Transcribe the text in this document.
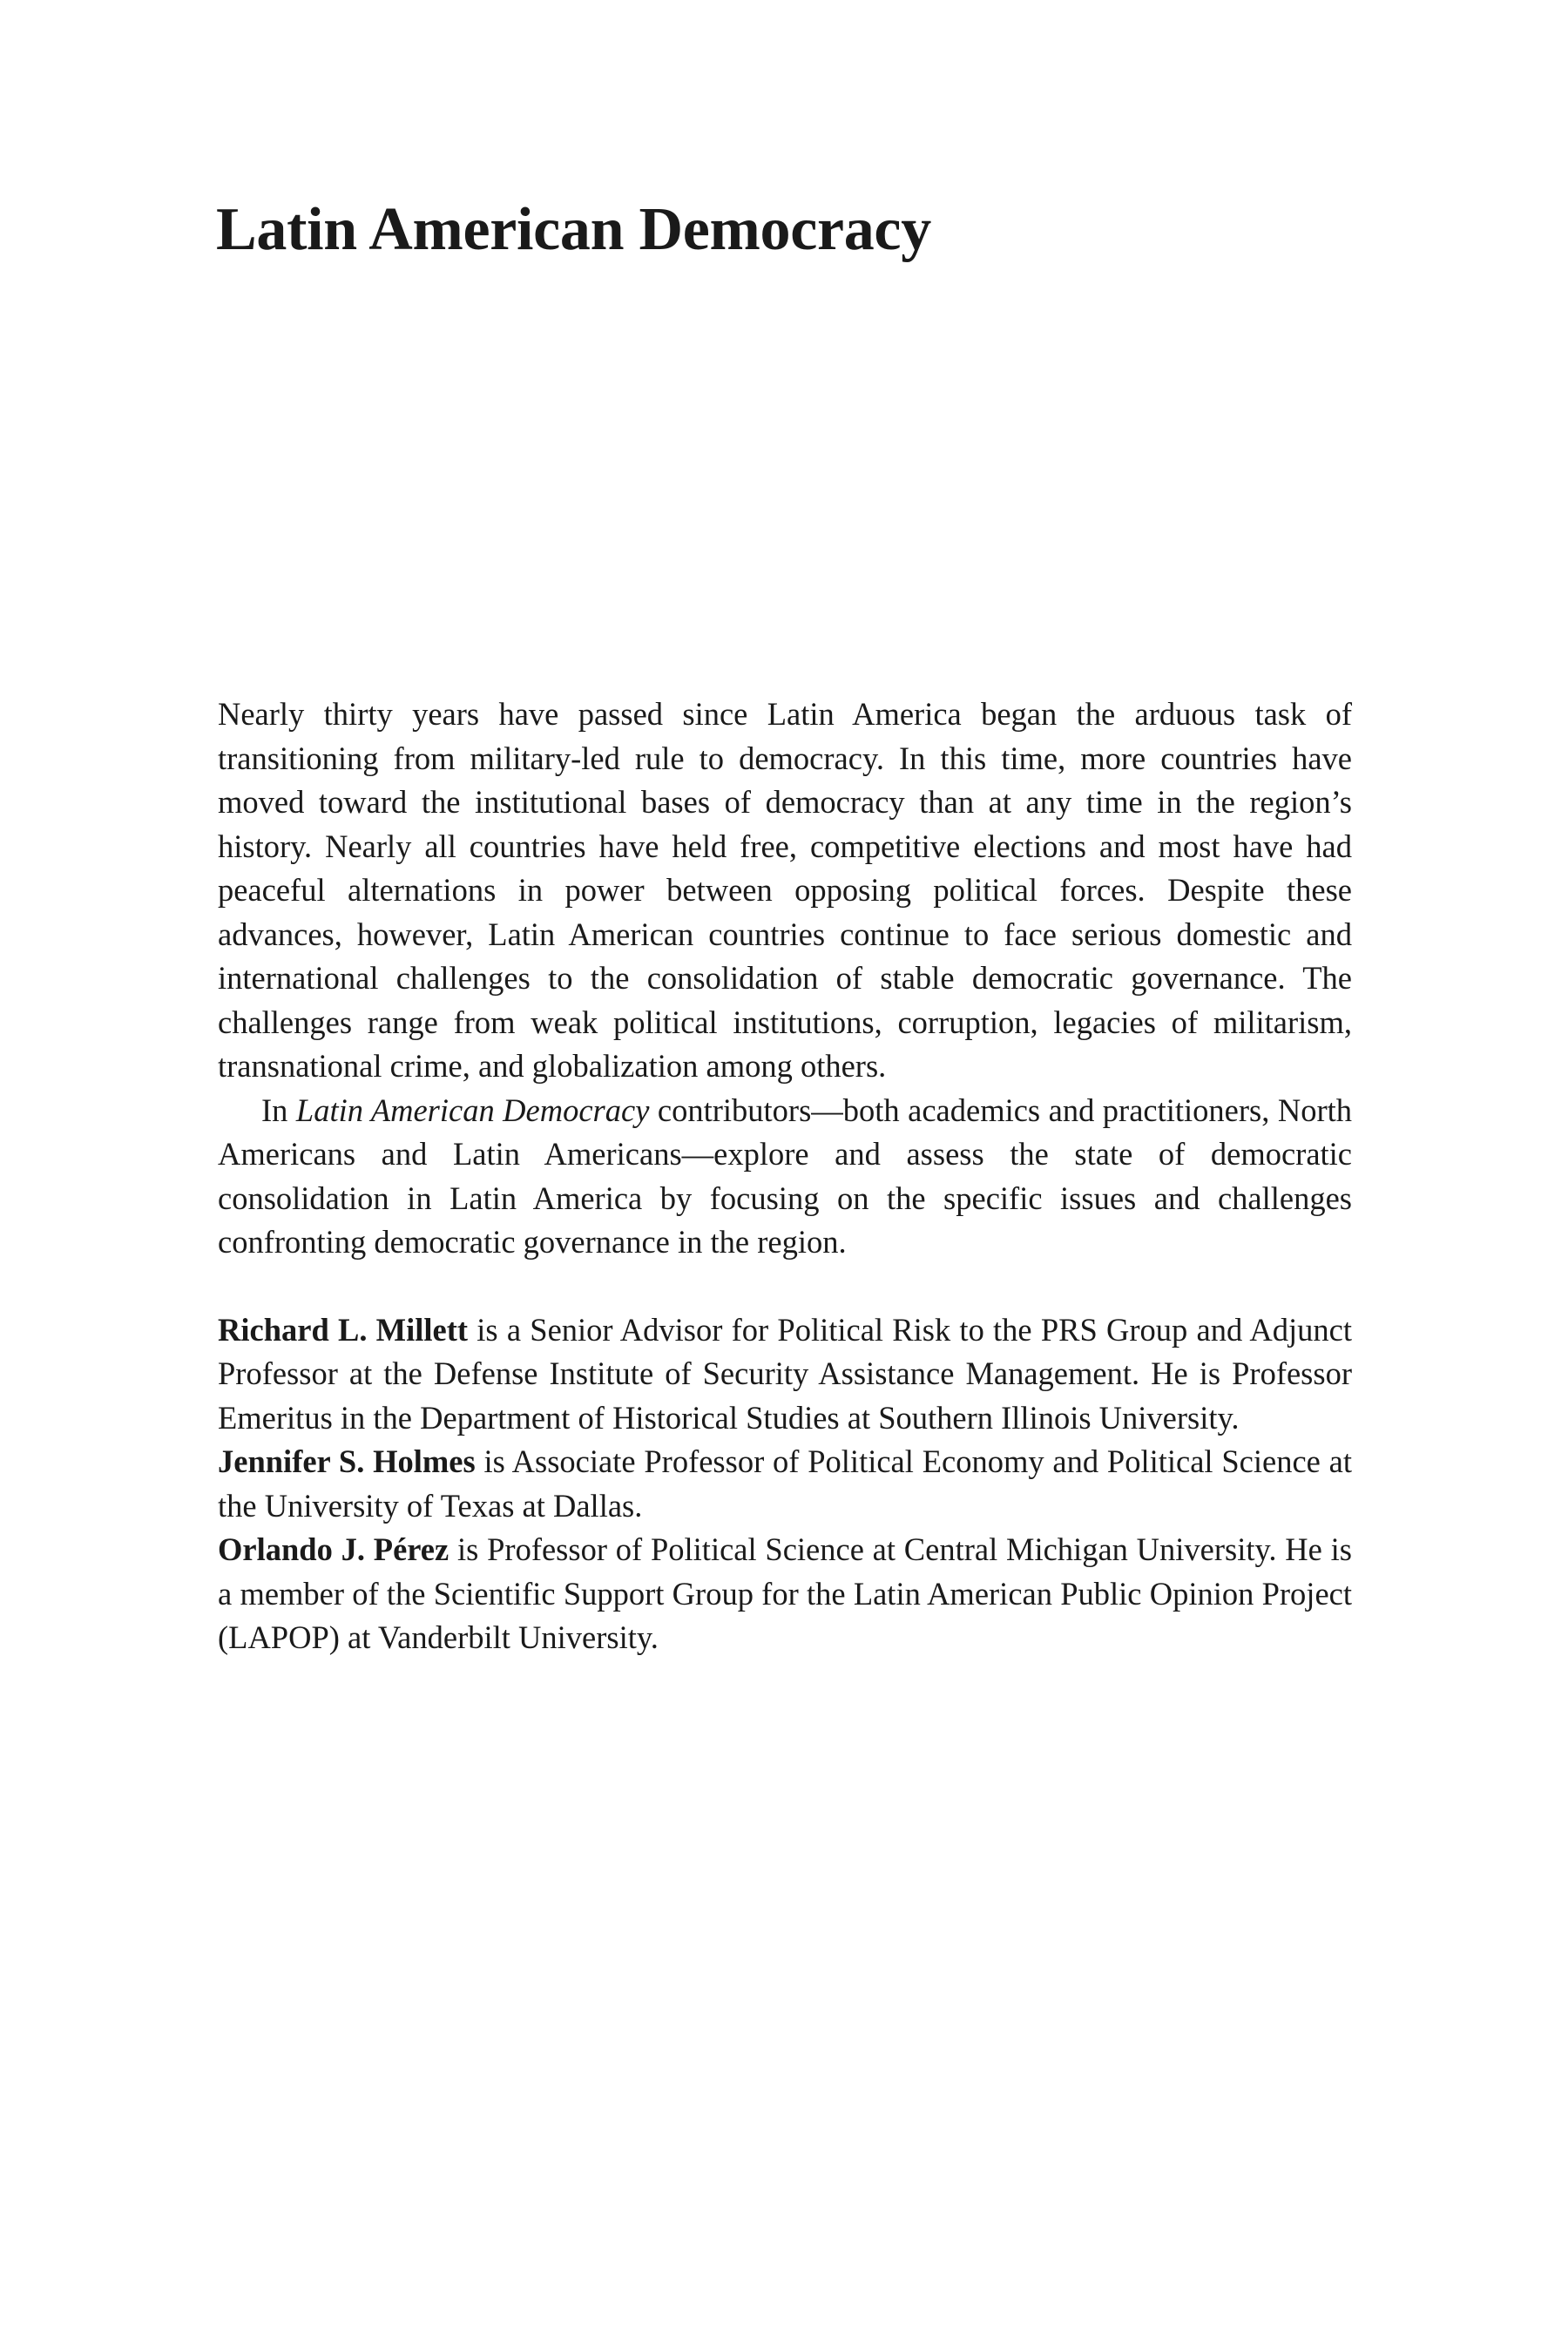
Latin American Democracy

Nearly thirty years have passed since Latin America began the arduous task of transitioning from military-led rule to democracy. In this time, more countries have moved toward the institutional bases of democracy than at any time in the region’s history. Nearly all countries have held free, competitive elections and most have had peaceful alternations in power between opposing political forces. Despite these advances, however, Latin American countries continue to face serious domestic and international challenges to the consolidation of stable democratic governance. The challenges range from weak political institutions, corruption, legacies of militarism, transnational crime, and globalization among others.

In Latin American Democracy contributors—both academics and practitioners, North Americans and Latin Americans—explore and assess the state of democratic consolidation in Latin America by focusing on the specific issues and challenges confronting democratic governance in the region.

Richard L. Millett is a Senior Advisor for Political Risk to the PRS Group and Adjunct Professor at the Defense Institute of Security Assistance Management. He is Professor Emeritus in the Department of Historical Studies at Southern Illinois University.

Jennifer S. Holmes is Associate Professor of Political Economy and Political Science at the University of Texas at Dallas.

Orlando J. Pérez is Professor of Political Science at Central Michigan University. He is a member of the Scientific Support Group for the Latin American Public Opinion Project (LAPOP) at Vanderbilt University.
